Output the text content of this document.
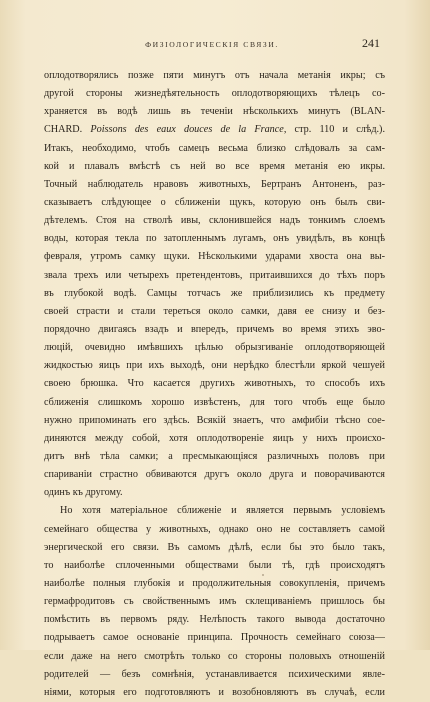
ФИЗІОЛОГИЧЕСКІЯ СВЯЗИ.	241
оплодотворялись позже пяти минутъ отъ начала метанія икры; съ
другой стороны жизнедѣятельность оплодотворяющихъ тѣлецъ со-
храняется въ водѣ лишь въ теченіи нѣсколькихъ минутъ (BLAN-
CHARD. Poissons des eaux douces de la France, стр. 110 и слѣд.).
Итакъ, необходимо, чтобъ самецъ весьма близко слѣдовалъ за сам-
кой и плавалъ вмѣстѣ съ ней во все время метанія ею икры.
Точный наблюдатель нравовъ животныхъ, Бертранъ Антоненъ, раз-
сказываетъ слѣдующее о сближеніи щукъ, которую онъ былъ сви-
дѣтелемъ. Стоя на стволѣ ивы, склонившейся надъ тонкимъ слоемъ
воды, которая текла по затопленнымъ лугамъ, онъ увидѣлъ, въ концѣ
февраля, утромъ самку щуки. Нѣсколькими ударами хвоста она вы-
звала трехъ или четырехъ претендентовъ, притаившихся до тѣхъ поръ
въ глубокой водѣ. Самцы тотчасъ же приблизились къ предмету
своей страсти и стали тереться около самки, давя ее снизу и без-
порядочно двигаясь взадъ и впередъ, причемъ во время этихъ эво-
люцій, очевидно имѣвшихъ цѣлью обрызгиваніе оплодотворяющей
жидкостью яицъ при ихъ выходѣ, они нерѣдко блестѣли яркой чешуей
своею брюшка. Что касается другихъ животныхъ, то способъ ихъ
сближенія слишкомъ хорошо извѣстенъ, для того чтобъ еще было
нужно припоминать его здѣсь. Всякій знаетъ, что амфибіи тѣсно сое-
диняются между собой, хотя оплодотвореніе яицъ у нихъ происхо-
дитъ внѣ тѣла самки; а пресмыкающіяся различныхъ половъ при
спариваніи страстно обвиваются другъ около друга и поворачиваются
одинъ къ другому.
Но хотя матеріальное сближеніе и является первымъ условіемъ
семейнаго общества у животныхъ, однако оно не составляетъ самой
энергической его связи. Въ самомъ дѣлѣ, если бы это было такъ,
то наиболѣе сплоченными обществами были тѣ, гдѣ происходятъ
наиболѣе полныя глубокія и продолжительныя совокупленія, причемъ
гермафродитовъ съ свойственнымъ имъ склещиваніемъ пришлось бы
помѣстить въ первомъ ряду. Нелѣпость такого вывода достаточно
подрываетъ самое основаніе принципа. Прочность семейнаго союза—
если даже на него смотрѣть только со стороны половыхъ отношеній
родителей — безъ сомнѣнія, устанавливается психическими явле-
ніями, которыя его подготовляютъ и возобновляютъ въ случаѣ, если
